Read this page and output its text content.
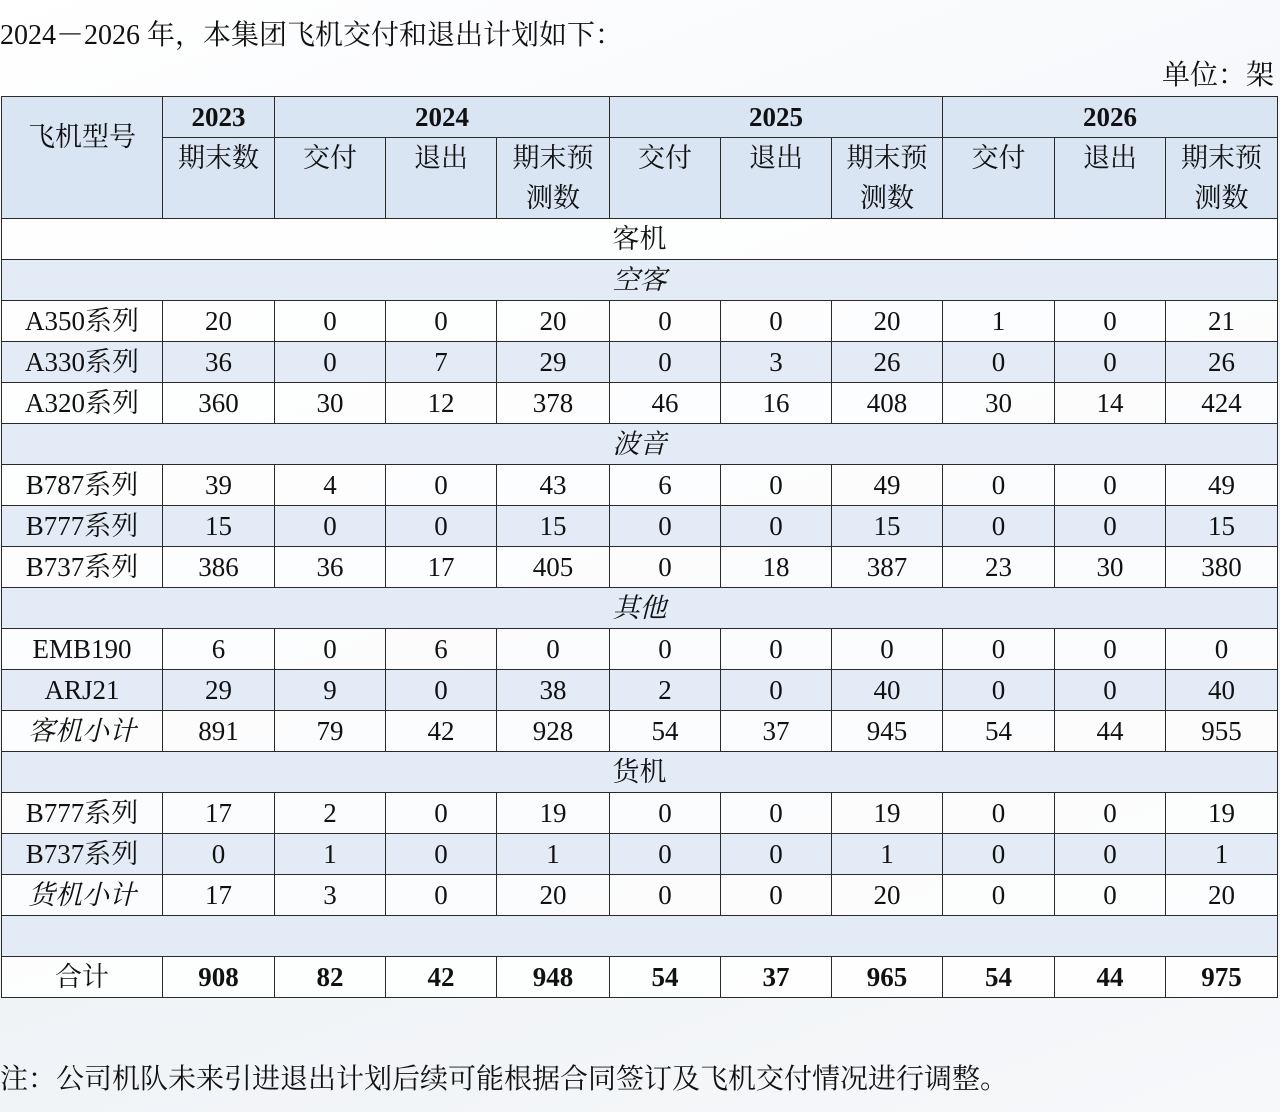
2024－2026 年，本集团飞机交付和退出计划如下：
单位：架
飞机型号	2023	2024			2025			2026		
	期末数	交付	退出	期末预测数	交付	退出	期末预测数	交付	退出	期末预测数
客机										
空客										
A350系列	20	0	0	20	0	0	20	1	0	21
A330系列	36	0	7	29	0	3	26	0	0	26
A320系列	360	30	12	378	46	16	408	30	14	424
波音										
B787系列	39	4	0	43	6	0	49	0	0	49
B777系列	15	0	0	15	0	0	15	0	0	15
B737系列	386	36	17	405	0	18	387	23	30	380
其他										
EMB190	6	0	6	0	0	0	0	0	0	0
ARJ21	29	9	0	38	2	0	40	0	0	40
客机小计	891	79	42	928	54	37	945	54	44	955
货机										
B777系列	17	2	0	19	0	0	19	0	0	19
B737系列	0	1	0	1	0	0	1	0	0	1
货机小计	17	3	0	20	0	0	20	0	0	20

合计	908	82	42	948	54	37	965	54	44	975
注：公司机队未来引进退出计划后续可能根据合同签订及飞机交付情况进行调整。
